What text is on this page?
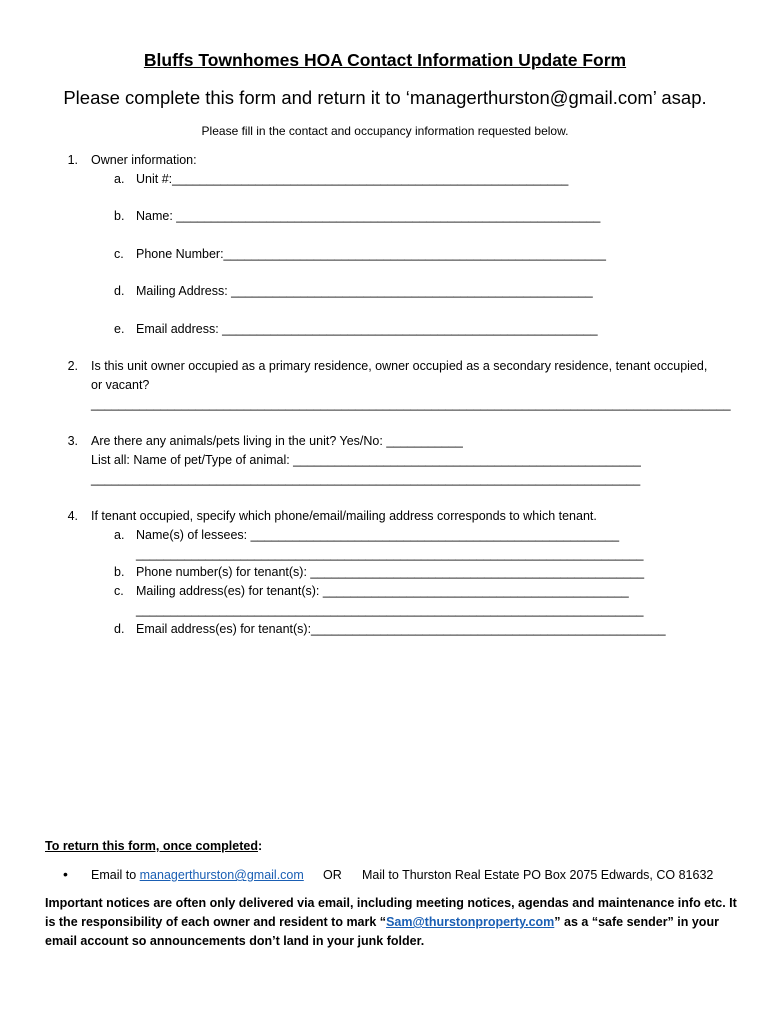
Bluffs Townhomes HOA Contact Information Update Form
Please complete this form and return it to ‘managerthurston@gmail.com’ asap.
Please fill in the contact and occupancy information requested below.
1. Owner information:
a. Unit #:_________________________________________________________
b. Name: _____________________________________________________________
c. Phone Number:_______________________________________________________
d. Mailing Address: ____________________________________________________
e. Email address: ______________________________________________________
2. Is this unit owner occupied as a primary residence, owner occupied as a secondary residence, tenant occupied,
or vacant?
____________________________________________________________________________________________
3. Are there any animals/pets living in the unit? Yes/No: ___________
List all: Name of pet/Type of animal: __________________________________________________
_______________________________________________________________________________
4. If tenant occupied, specify which phone/email/mailing address corresponds to which tenant.
a. Name(s) of lessees: _____________________________________________________
_________________________________________________________________________
b. Phone number(s) for tenant(s): ________________________________________________
c. Mailing address(es) for tenant(s): ____________________________________________
_________________________________________________________________________
d. Email address(es) for tenant(s):___________________________________________________
To return this form, once completed:
• Email to managerthurston@gmail.com OR Mail to Thurston Real Estate PO Box 2075 Edwards, CO 81632
Important notices are often only delivered via email, including meeting notices, agendas and maintenance info etc. It
is the responsibility of each owner and resident to mark “Sam@thurstonproperty.com” as a “safe sender” in your
email account so announcements don’t land in your junk folder.
